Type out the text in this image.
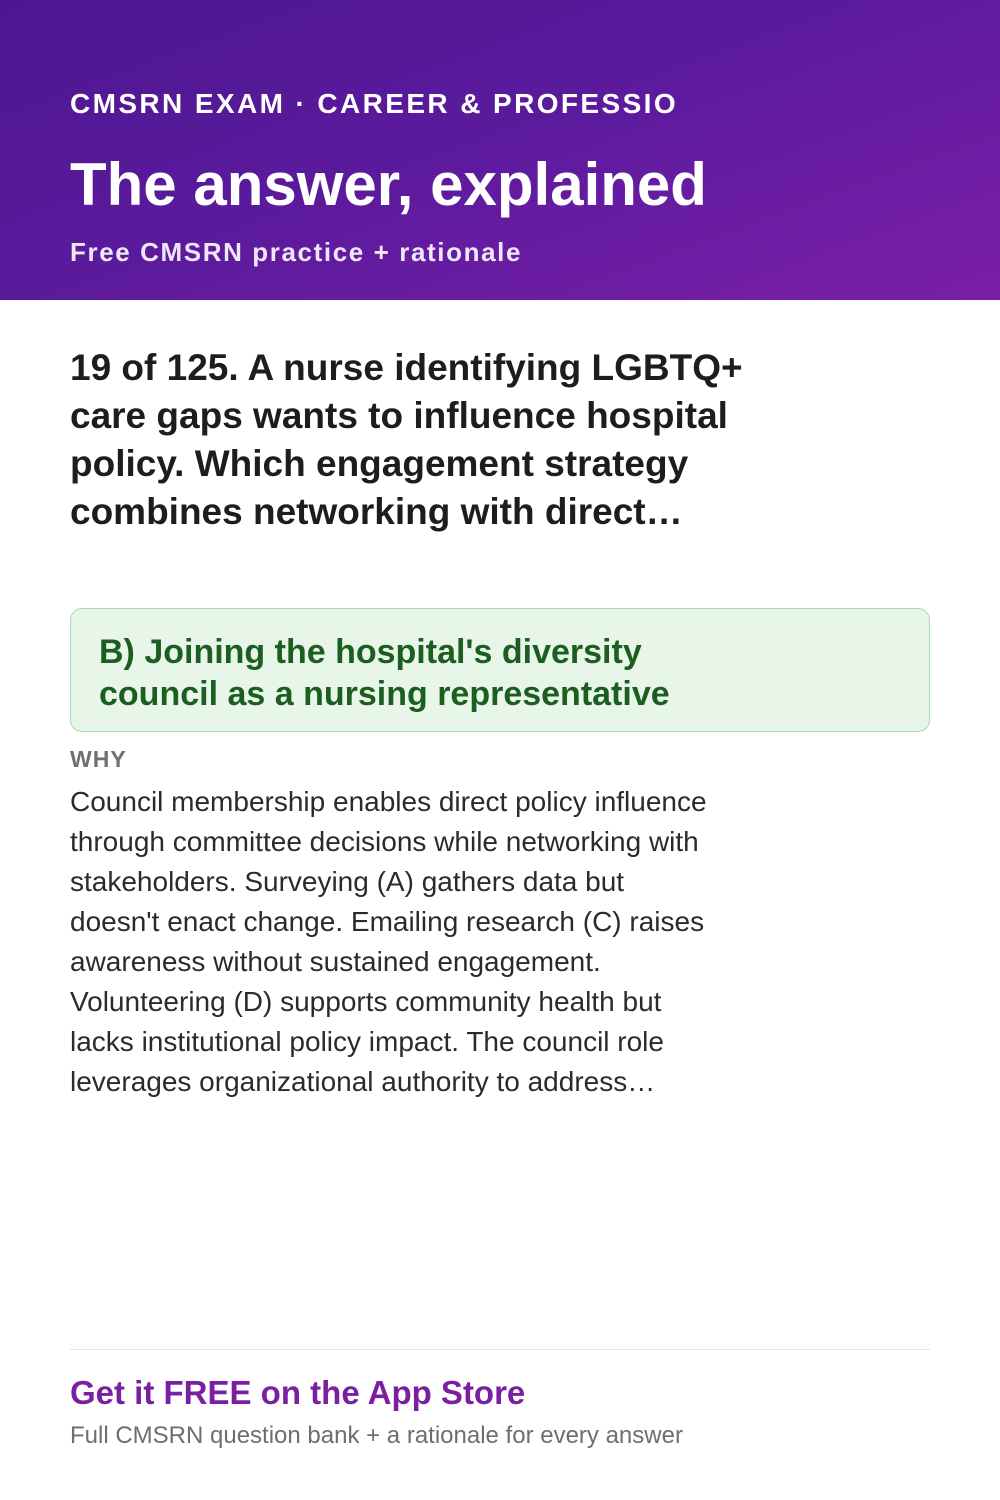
CMSRN EXAM · CAREER & PROFESSIO
The answer, explained
Free CMSRN practice + rationale
19 of 125. A nurse identifying LGBTQ+ care gaps wants to influence hospital policy. Which engagement strategy combines networking with direct…
B) Joining the hospital's diversity council as a nursing representative
WHY
Council membership enables direct policy influence through committee decisions while networking with stakeholders. Surveying (A) gathers data but doesn't enact change. Emailing research (C) raises awareness without sustained engagement. Volunteering (D) supports community health but lacks institutional policy impact. The council role leverages organizational authority to address…
Get it FREE on the App Store
Full CMSRN question bank + a rationale for every answer
